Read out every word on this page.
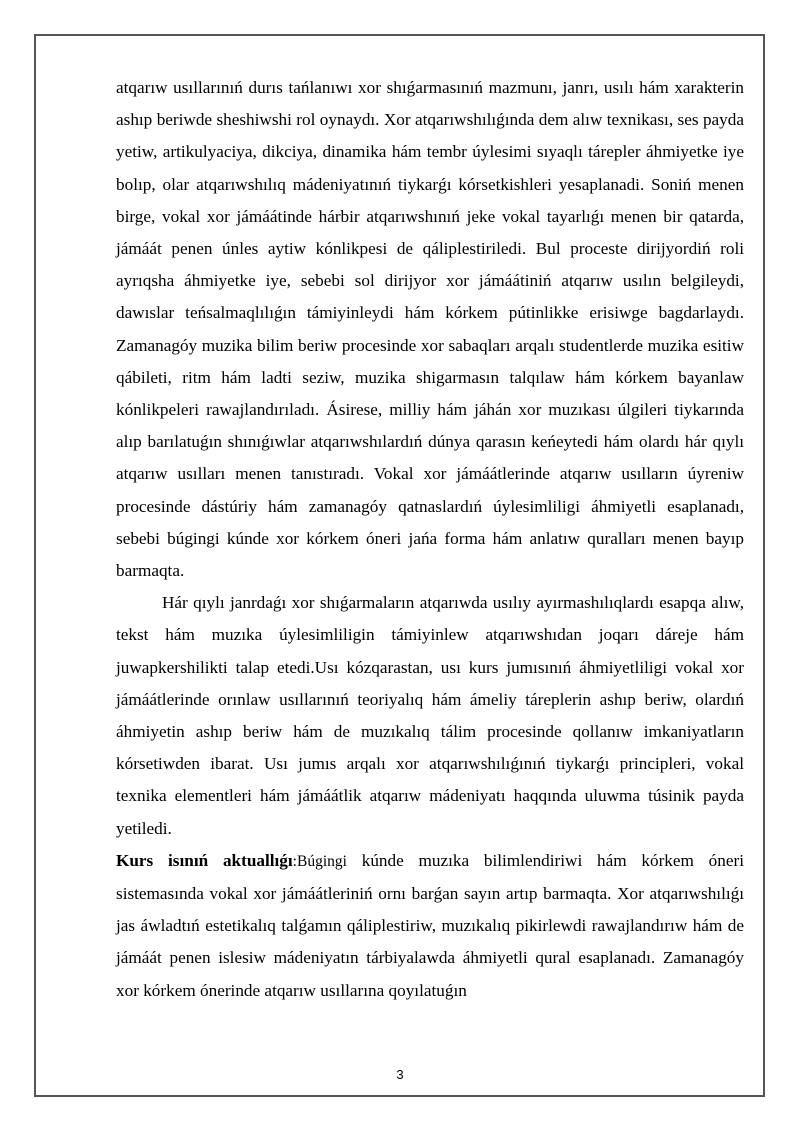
atqarıw usıllarınıń durıs tańlanıwı xor shıǵarmasınıń mazmunı, janrı, usılı hám xarakterin ashıp beriwde sheshiwshi rol oynaydı. Xor atqarıwshılıǵında dem alıw texnikası, ses payda yetiw, artikulyaciya, dikciya, dinamika hám tembr úylesimi sıyaqlı tárepler áhmiyetke iye bolıp, olar atqarıwshılıq mádeniyatınıń tiykarǵı kórsetkishleri yesaplanadi. Soniń menen birge, vokal xor jámáátinde hárbir atqarıwshınıń jeke vokal tayarlıǵı menen bir qatarda, jámáát penen únles aytiw kónlikpesi de qáliplestiriledi. Bul proceste dirijyordiń roli ayrıqsha áhmiyetke iye, sebebi sol dirijyor xor jámáátiniń atqarıw usılın belgileydi, dawıslar teńsalmaqlılıǵın támiyinleydi hám kórkem pútinlikke erisiwge bagdarlaydı. Zamanagóy muzika bilim beriw procesinde xor sabaqları arqalı studentlerde muzika esitiw qábileti, ritm hám ladti seziw, muzika shigarmasın talqılaw hám kórkem bayanlaw kónlikpeleri rawajlandırıladı. Ásirese, milliy hám jáhán xor muzıkası úlgileri tiykarında alıp barılatuǵın shınıǵıwlar atqarıwshılardıń dúnya qarasın keńeytedi hám olardı hár qıylı atqarıw usılları menen tanıstıradı. Vokal xor jámáátlerinde atqarıw usılların úyreniw procesinde dástúriy hám zamanagóy qatnaslardıń úylesimliligi áhmiyetli esaplanadı, sebebi búgingi kúnde xor kórkem óneri jańa forma hám anlatıw quralları menen bayıp barmaqta.

Hár qıylı janrdaǵı xor shıǵarmaların atqarıwda usılıy ayırmashılıqlardı esapqa alıw, tekst hám muzıka úylesimliligin támiyinlew atqarıwshıdan joqarı dáreje hám juwapkershilikti talap etedi.Usı kózqarastan, usı kurs jumısınıń áhmiyetliligi vokal xor jámáátlerinde orınlaw usıllarınıń teoriyalıq hám ámeliy táreplerin ashıp beriw, olardıń áhmiyetin ashıp beriw hám de muzıkalıq tálim procesinde qollanıw imkaniyatların kórsetiwden ibarat. Usı jumıs arqalı xor atqarıwshılıǵınıń tiykarǵı principleri, vokal texnika elementleri hám jámáátlik atqarıw mádeniyatı haqqında uluwma túsinik payda yetiledi.

Kurs isınıń aktuallıǵı:Búgingi kúnde muzıka bilimlendiriwi hám kórkem óneri sistemasında vokal xor jámáátleriniń ornı barǵan sayın artıp barmaqta. Xor atqarıwshılıǵı jas áwladtıń estetikalıq talǵamın qáliplestiriw, muzıkalıq pikirlewdi rawajlandırıw hám de jámáát penen islesiw mádeniyatın tárbiyalawda áhmiyetli qural esaplanadı. Zamanagóy xor kórkem ónerinde atqarıw usıllarına qoyılatuǵın

3
